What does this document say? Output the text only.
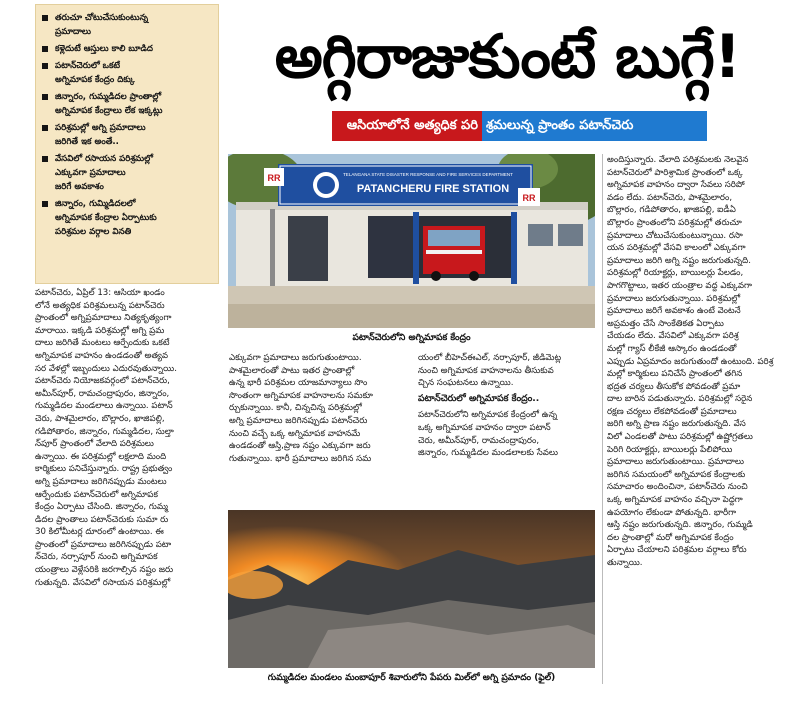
తరుచూ చోటుచేసుకుంటున్న
ప్రమాదాలు
కళ్లెదుటే ఆస్తులు కాలి బూడిద
పటాన్‌చెరులో ఒకటే
అగ్నిమాపక కేంద్రం దిక్కు
జిన్నారం, గుమ్మడిదల ప్రాంతాల్లో
అగ్నిమాపక కేంద్రాలు లేక ఇక్కట్లు
పరిశ్రమల్లో అగ్ని ప్రమాదాలు
జరిగితే ఇక అంతే..
వేసవిలో రసాయన పరిశ్రమల్లో
ఎక్కువగా ప్రమాదాలు
జరిగే అవకాశం
జిన్నారం, గుమ్మిడిదలలో
అగ్నిమాపక కేంద్రాల ఏర్పాటుకు
పరిశ్రమల వర్గాల వినతి
అగ్గిరాజుకుంటే బుగ్గే!
ఆసియాలోనే అత్యధిక పరి శ్రమలున్న ప్రాంతం పటాన్‌చెరు
TELANGANA STATE DISASTER RESPONSE AND FIRE SERVICES DEPARTMENT
PATANCHERU FIRE STATION
RR
RR
పటాన్‌చెరులోని అగ్నిమాపక కేంద్రం
గుమ్మడిదల మండలం మంబాపూర్ శివారులోని పేపరు మిల్‌లో అగ్ని ప్రమాదం (ఫైల్)
పటాన్‌చెరు, ఏప్రిల్ 13: ఆసియా ఖండం
లోనే అత్యధిక పరిశ్రమలున్న పటాన్‌చెరు
ప్రాంతంలో అగ్నిప్రమాదాలు నిత్యకృత్యంగా
మారాయి. ఇక్కడి పరిశ్రమల్లో అగ్ని ప్రమ
దాలు జరిగితే మంటలు ఆర్పేందుకు ఒకటే
అగ్నిమాపక వాహనం ఉండడంతో అత్యవ
సర వేళల్లో ఇబ్బందులు ఎదురవుతున్నాయి.
పటాన్‌చెరు నియోజకవర్గంలో పటాన్‌చెరు,
అమీన్‌పూర్, రామచంద్రాపురం, జిన్నారం,
గుమ్మడిదల మండలాలు ఉన్నాయి. పటాన్
చెరు, పాశమైలారం, బొల్లారం, ఖాజిపల్లి,
గడిపోతారం, జిన్నారం, గుమ్మడిదల, సుల్తా
న్‌పూర్ ప్రాంతంలో వేలాది పరిశ్రమలు
ఉన్నాయి. ఈ పరిశ్రమల్లో లక్షలాది మంది
కార్మికులు పనిచేస్తున్నారు. రాష్ట్ర ప్రభుత్వం
అగ్ని ప్రమాదాలు జరిగినప్పుడు మంటలు
ఆర్పేందుకు పటాన్‌చెరులో అగ్నిమాపక
కేంద్రం ఏర్పాటు చేసింది. జిన్నారం, గుమ్మ
డిదల ప్రాంతాలు పటాన్‌చెరుకు సుమా రు
30 కిలోమీటర్ల దూరంలో ఉంటాయి. ఈ
ప్రాంతంలో ప్రమాదాలు జరిగినప్పుడు పటా
న్‌చెరు, నర్సాపూర్ నుంచి అగ్నిమాపక
యంత్రాలు వెళ్లేసరికి జరగాల్సిన నష్టం జరు
గుతున్నది. వేసవిలో రసాయన పరిశ్రమల్లో
ఎక్కువగా ప్రమాదాలు జరుగుతుంటాయి.
పాశమైలారంతో పాటు ఇతర ప్రాంతాల్లో
ఉన్న భారీ పరిశ్రమల యాజమాన్యాలు సొం
సొంతంగా అగ్నిమాపక వాహనాలను సమకూ
ర్చుకున్నాయి. కానీ, చిన్నచిన్న పరిశ్రమల్లో
అగ్ని ప్రమాదాలు జరిగినప్పుడు పటాన్‌చెరు
నుంచి వచ్చే ఒక్క అగ్నిమాపక వాహనమే
ఉండడంతో ఆస్తి,ప్రాణ నష్టం ఎక్కువగా జరు
గుతున్నాయి. భారీ ప్రమాదాలు జరిగిన సమ
యంలో బీహెచ్‌ఈఎల్, నర్సాపూర్, జీడిమెట్ల
నుంచి అగ్నిమాపక వాహనాలను తీసుకువ
చ్చిన సంఘటనలు ఉన్నాయి.
పటాన్‌చెరులో అగ్నిమాపక కేంద్రం..
పటాన్‌చెరులోని అగ్నిమాపక కేంద్రంలో ఉన్న
ఒక్క అగ్నిమాపక వాహనం ద్వారా పటాన్
చెరు, అమీన్‌పూర్, రామచంద్రాపురం,
జిన్నారం, గుమ్మడిదల మండలాలకు సేవలు
అందిస్తున్నారు. వేలాది పరిశ్రమలకు నెలవైన
పటాన్‌చెరులో పారిశ్రామిక ప్రాంతంలో ఒక్క
అగ్నిమాపక వాహనం ద్వారా సేవలు సరిపో
వడం లేదు. పటాన్‌చెరు, పాశమైలారం,
బొల్లారం, గడిపోతారం, ఖాజిపల్లి, ఐడీఏ
బొల్లారం ప్రాంతంలోని పరిశ్రమల్లో తరుచూ
ప్రమాదాలు చోటుచేసుకుంటున్నాయి. రసా
యన పరిశ్రమల్లో వేసవి కాలంలో ఎక్కువగా
ప్రమాదాలు జరిగి అగ్ని నష్టం జరుగుతున్నది.
పరిశ్రమల్లో రియాక్టర్లు, బాయిలర్లు పేలడం,
పాగగొట్టాలు, ఇతర యంత్రాల వద్ద ఎక్కువగా
ప్రమాదాలు జరుగుతున్నాయి. పరిశ్రమల్లో
ప్రమాదాలు జరిగే అవకాశం ఉంటే వెంటనే
అప్రమత్తం చేసే సాంకేతికత ఏర్పాటు
చేయడం లేదు. వేసవిలో ఎక్కువగా పరిశ్ర
మల్లో గ్యాస్ లీకేజీ ఆస్కారం ఉండడంతో
ఎప్పుడు ఏప్రమాదం జరుగుతుందో ఉంటుంది. పరిశ్ర
మల్లో కార్మికులు పనిచేసే ప్రాంతంలో తగిన
భద్రత చర్యలు తీసుకోక పోవడంతో ప్రమా
దాల బారిన పడుతున్నారు. పరిశ్రమల్లో సరైన
రక్షణ చర్యలు లేకపోవడంతో ప్రమాదాలు
జరిగి అగ్ని ప్రాణ నష్టం జరుగుతున్నది. వేస
విలో ఎండలతో పాటు పరిశ్రమల్లో ఉష్ణోగ్రతలు
పెరిగి రియాక్టర్లు, బాయిలర్లు పేలిపోయి
ప్రమాదాలు జరుగుతుంటాయి. ప్రమాదాలు
జరిగిన సమయంలో అగ్నిమాపక కేంద్రాలకు
సమాచారం అందించినా, పటాన్‌చెరు నుంచి
ఒక్క అగ్నిమాపక వాహనం వచ్చినా పెద్దగా
ఉపయోగం లేకుండా పోతున్నది. భారీగా
ఆస్తి నష్టం జరుగుతున్నది. జిన్నారం, గుమ్మడి
దల ప్రాంతాల్లో మరో అగ్నిమాపక కేంద్రం
ఏర్పాటు చేయాలని పరిశ్రమల వర్గాలు కోరు
తున్నాయి.
